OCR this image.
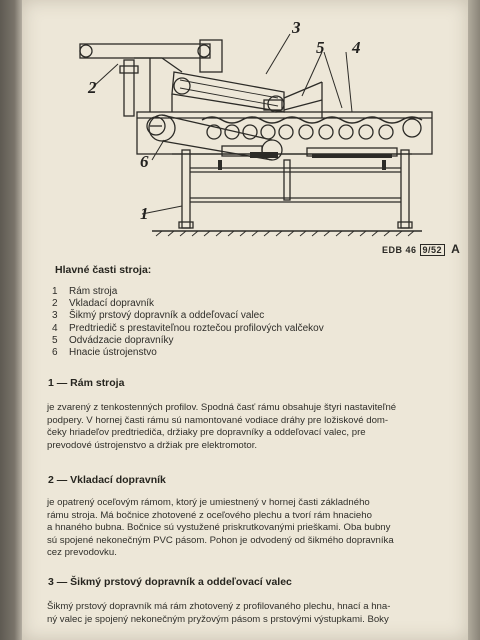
3
5 4
2
6
1
EDB 46 9/52 A
Hlavné časti stroja:
1 Rám stroja
2 Vkladací dopravník
3 Šikmý prstový dopravník a oddeľovací valec
4 Predtriedič s prestaviteľnou roztečou profilových valčekov
5 Odvádzacie dopravníky
6 Hnacie ústrojenstvo
1 — Rám stroja

je zvarený z tenkostenných profilov. Spodná časť rámu obsahuje štyri nastaviteľné
podpery. V hornej časti rámu sú namontované vodiace dráhy pre ložiskové dom-
čeky hriadeľov predtriediča, držiaky pre dopravníky a oddeľovací valec, pre
prevodové ústrojenstvo a držiak pre elektromotor.

2 — Vkladací dopravník

je opatrený oceľovým rámom, ktorý je umiestnený v hornej časti základného
rámu stroja. Má bočnice zhotovené z oceľového plechu a tvorí rám hnacieho
a hnaného bubna. Bočnice sú vystužené priskrutkovanými prieškami. Oba bubny
sú spojené nekonečným PVC pásom. Pohon je odvodený od šikmého dopravníka
cez prevodovku.

3 — Šikmý prstový dopravník a oddeľovací valec

Šikmý prstový dopravník má rám zhotovený z profilovaného plechu, hnací a hna-
ný valec je spojený nekonečným pryžovým pásom s prstovými výstupkami. Boky
